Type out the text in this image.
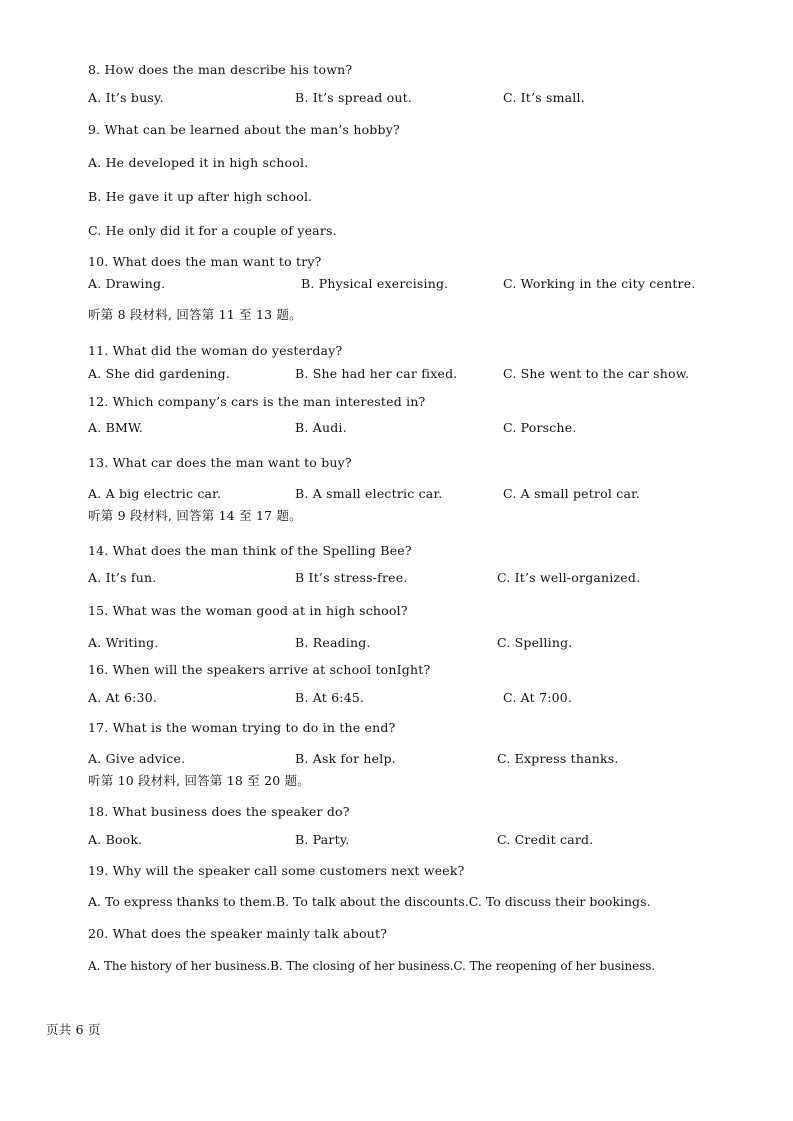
8. How does the man describe his town?
A. It’s busy.	B. It’s spread out.	C. It’s small.
9. What can be learned about the man’s hobby?
A. He developed it in high school.
B. He gave it up after high school.
C. He only did it for a couple of years.
10. What does the man want to try?
A. Drawing.	B. Physical exercising.	C. Working in the city centre.
听第 8 段材料, 回答第 11 至 13 题。
11. What did the woman do yesterday?
A. She did gardening.	B. She had her car fixed.	C. She went to the car show.
12. Which company’s cars is the man interested in?
A. BMW.	B. Audi.	C. Porsche.
13. What car does the man want to buy?
A. A big electric car.	B. A small electric car.	C. A small petrol car.
听第 9 段材料, 回答第 14 至 17 题。
14. What does the man think of the Spelling Bee?
A. It’s fun.	B It’s stress-free.	C. It’s well-organized.
15. What was the woman good at in high school?
A. Writing.	B. Reading.	C. Spelling.
16. When will the speakers arrive at school tonIght?
A. At 6:30.	B. At 6:45.	C. At 7:00.
17. What is the woman trying to do in the end?
A. Give advice.	B. Ask for help.	C. Express thanks.
听第 10 段材料, 回答第 18 至 20 题。
18. What business does the speaker do?
A. Book.	B. Party.	C. Credit card.
19. Why will the speaker call some customers next week?
A. To express thanks to them.B. To talk about the discounts.C. To discuss their bookings.
20. What does the speaker mainly talk about?
A. The history of her business.B. The closing of her business.C. The reopening of her business.
页共 6 页
